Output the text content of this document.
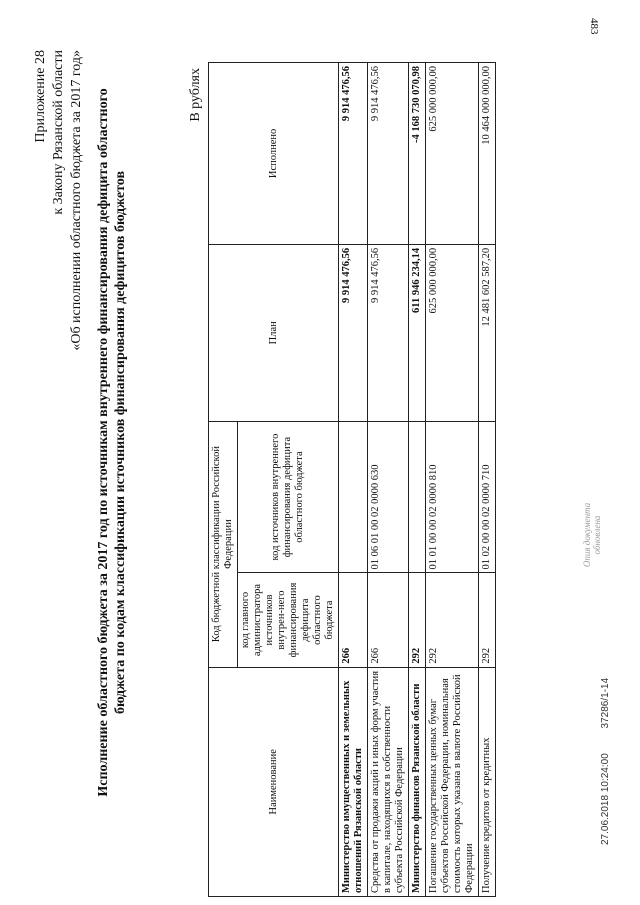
483
Приложение 28 к Закону Рязанской области «Об исполнении областного бюджета за 2017 год» Исполнение областного бюджета за 2017 год по источникам внутреннего финансирования дефицита областного бюджета по кодам классификации источников финансирования дефицитов бюджетов
В рублях
Наименование	Код бюджетной классификации Российской Федерации		План	Исполнено
	код главного администратора источников внутрен-него финансирования дефицита областного бюджета	код источников внутреннего финансирования дефицита областного бюджета		
Министерство имущественных и земельных отношений Рязанской области	266		9 914 476,56	9 914 476,56
Средства от продажи акций и иных форм участия в капитале, находящихся в собственности субъекта Российской Федерации	266	01 06 01 00 02 0000 630	9 914 476,56	9 914 476,56
Министерство финансов Рязанской области	292		611 946 234,14	-4 168 730 070,98
Погашение государственных ценных бумаг субъектов Российской Федерации, номинальная стоимость которых указана в валюте Российской Федерации	292	01 01 00 00 02 0000 810	625 000 000,00	625 000 000,00
Получение кредитов от кредитных	292	01 02 00 00 02 0000 710	12 481 602 587,20	10 464 000 000,00
Опия документа обновлена
27.06.2018 10:24:00 37286/1-14
